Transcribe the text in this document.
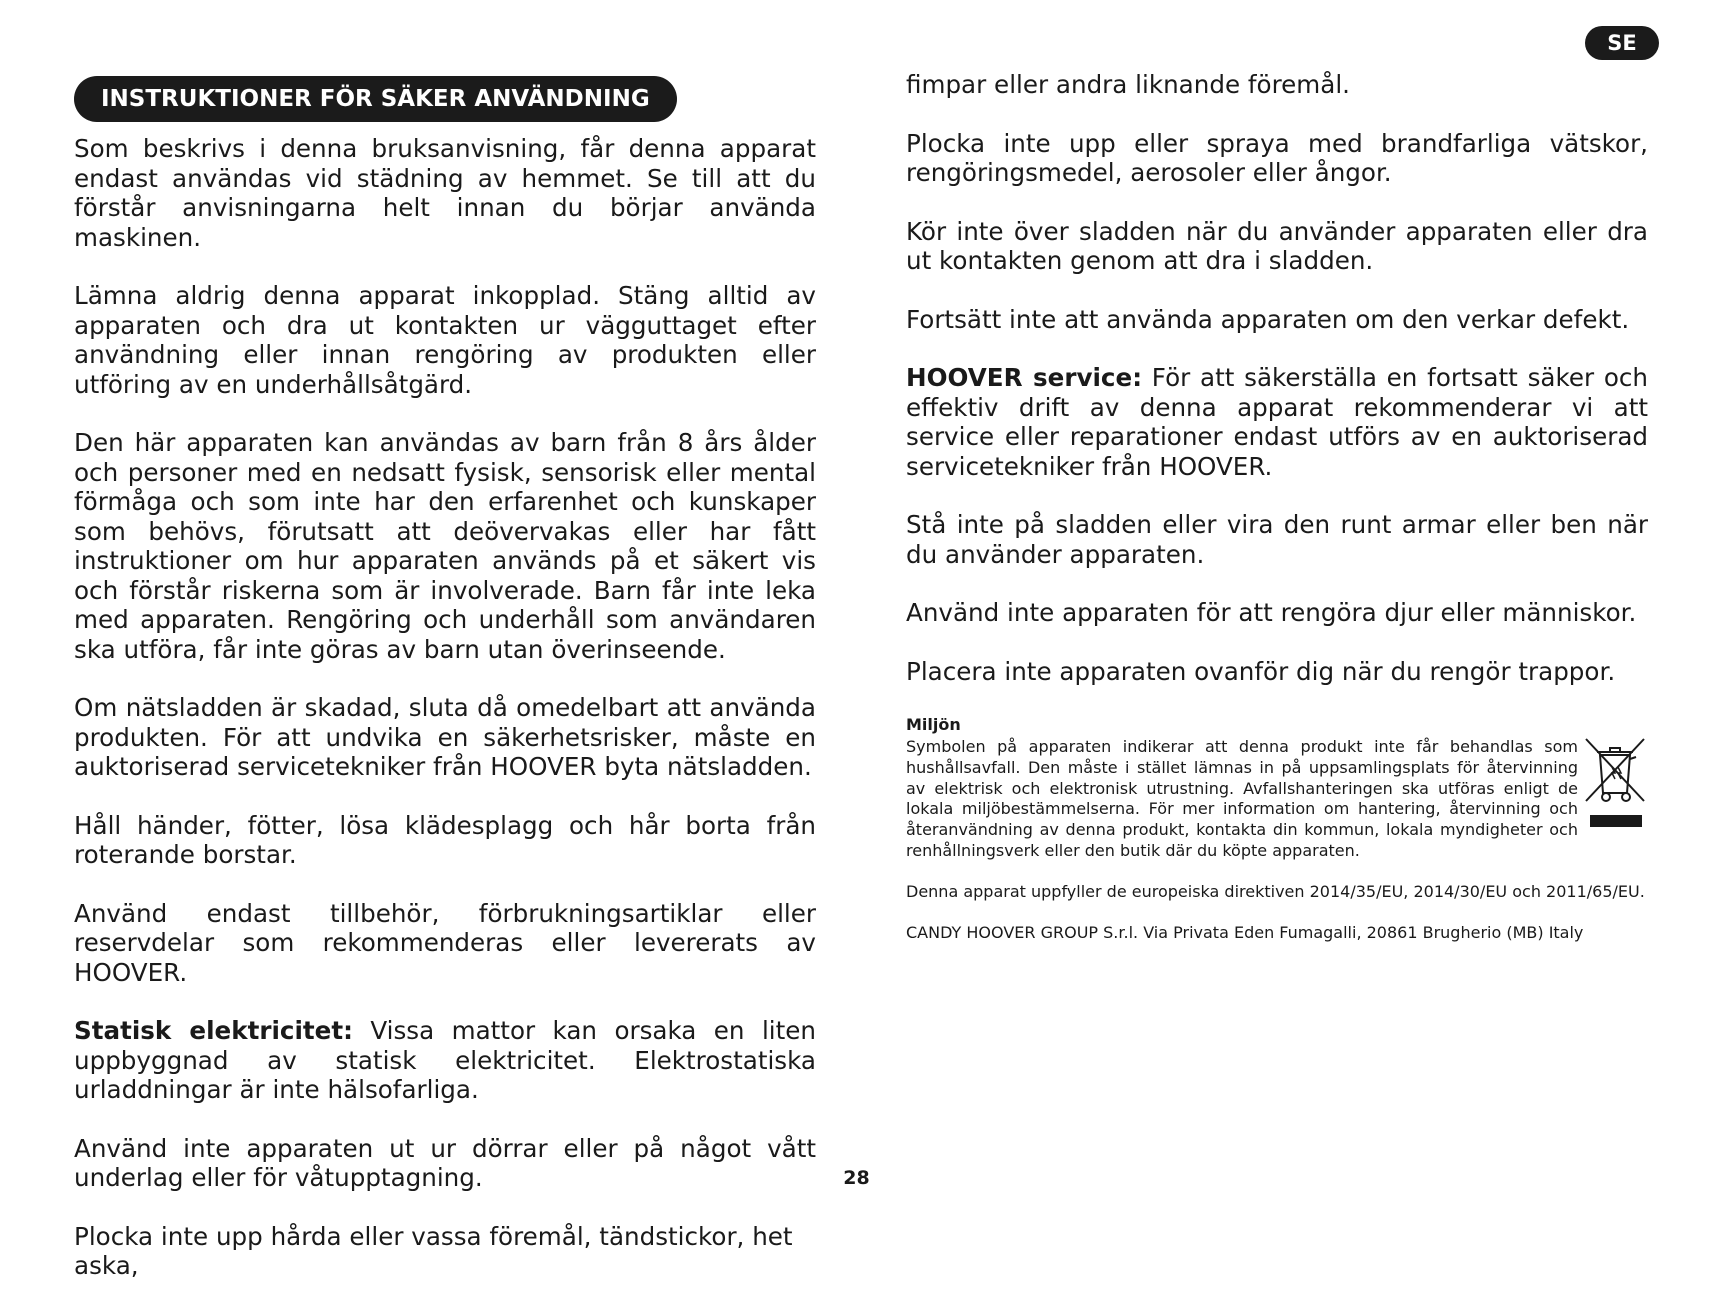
SE
INSTRUKTIONER FÖR SÄKER ANVÄNDNING

Som beskrivs i denna bruksanvisning, får denna apparat endast användas vid städning av hemmet. Se till att du förstår anvisningarna helt innan du börjar använda maskinen.

Lämna aldrig denna apparat inkopplad. Stäng alltid av apparaten och dra ut kontakten ur vägguttaget efter användning eller innan rengöring av produkten eller utföring av en underhållsåtgärd.

Den här apparaten kan användas av barn från 8 års ålder och personer med en nedsatt fysisk, sensorisk eller mental förmåga och som inte har den erfarenhet och kunskaper som behövs, förutsatt att deövervakas eller har fått instruktioner om hur apparaten används på et säkert vis och förstår riskerna som är involverade. Barn får inte leka med apparaten. Rengöring och underhåll som användaren ska utföra, får inte göras av barn utan överinseende.

Om nätsladden är skadad, sluta då omedelbart att använda produkten. För att undvika en säkerhetsrisker, måste en auktoriserad servicetekniker från HOOVER byta nätsladden.

Håll händer, fötter, lösa klädesplagg och hår borta från roterande borstar.

Använd endast tillbehör, förbrukningsartiklar eller reservdelar som rekommenderas eller levererats av HOOVER.

Statisk elektricitet: Vissa mattor kan orsaka en liten uppbyggnad av statisk elektricitet. Elektrostatiska urladdningar är inte hälsofarliga.

Använd inte apparaten ut ur dörrar eller på något vått underlag eller för våtupptagning.

Plocka inte upp hårda eller vassa föremål, tändstickor, het aska,

fimpar eller andra liknande föremål.

Plocka inte upp eller spraya med brandfarliga vätskor, rengöringsmedel, aerosoler eller ångor.

Kör inte över sladden när du använder apparaten eller dra ut kontakten genom att dra i sladden.

Fortsätt inte att använda apparaten om den verkar defekt.

HOOVER service: För att säkerställa en fortsatt säker och effektiv drift av denna apparat rekommenderar vi att service eller reparationer endast utförs av en auktoriserad servicetekniker från HOOVER.

Stå inte på sladden eller vira den runt armar eller ben när du använder apparaten.

Använd inte apparaten för att rengöra djur eller människor.

Placera inte apparaten ovanför dig när du rengör trappor.

Miljön

Symbolen på apparaten indikerar att denna produkt inte får behandlas som hushållsavfall. Den måste i stället lämnas in på uppsamlingsplats för återvinning av elektrisk och elektronisk utrustning. Avfallshanteringen ska utföras enligt de lokala miljöbestämmelserna. För mer information om hantering, återvinning och återanvändning av denna produkt, kontakta din kommun, lokala myndigheter och renhållningsverk eller den butik där du köpte apparaten.

Denna apparat uppfyller de europeiska direktiven 2014/35/EU, 2014/30/EU och 2011/65/EU.

CANDY HOOVER GROUP S.r.l. Via Privata Eden Fumagalli, 20861 Brugherio (MB) Italy

28
